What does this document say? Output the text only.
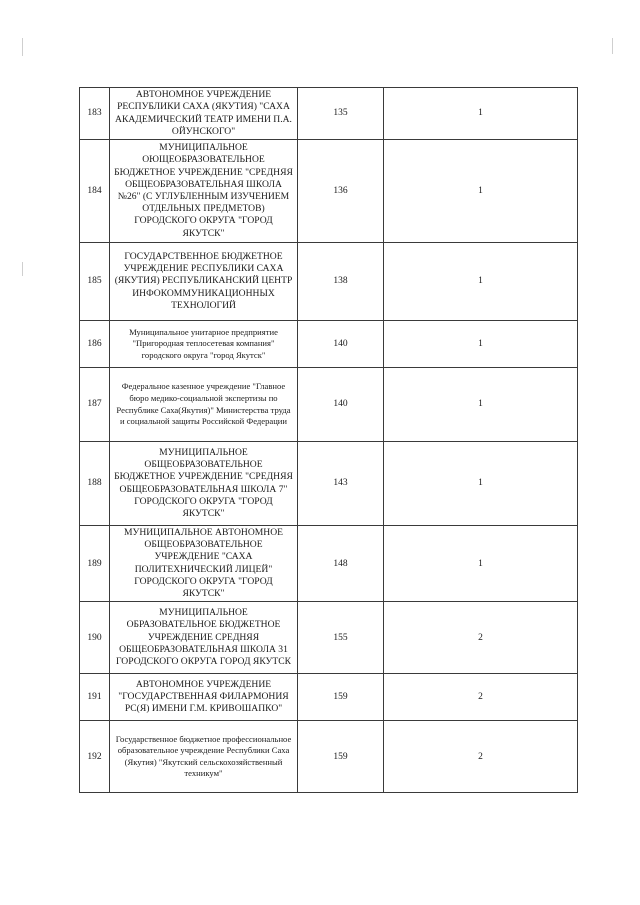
183	АВТОНОМНОЕ УЧРЕЖДЕНИЕ РЕСПУБЛИКИ САХА (ЯКУТИЯ) "САХА АКАДЕМИЧЕСКИЙ ТЕАТР ИМЕНИ П.А. ОЙУНСКОГО"	135	1
184	МУНИЦИПАЛЬНОЕ ОЮЩЕОБРАЗОВАТЕЛЬНОЕ БЮДЖЕТНОЕ УЧРЕЖДЕНИЕ "СРЕДНЯЯ ОБЩЕОБРАЗОВАТЕЛЬНАЯ ШКОЛА №26" (С УГЛУБЛЕННЫМ ИЗУЧЕНИЕМ ОТДЕЛЬНЫХ ПРЕДМЕТОВ) ГОРОДСКОГО ОКРУГА "ГОРОД ЯКУТСК"	136	1
185	ГОСУДАРСТВЕННОЕ БЮДЖЕТНОЕ УЧРЕЖДЕНИЕ РЕСПУБЛИКИ САХА (ЯКУТИЯ) РЕСПУБЛИКАНСКИЙ ЦЕНТР ИНФОКОММУНИКАЦИОННЫХ ТЕХНОЛОГИЙ	138	1
186	Муниципальное унитарное предприятие "Пригородная теплосетевая компания" городского округа "город Якутск"	140	1
187	Федеральное казенное учреждение "Главное бюро медико-социальной экспертизы по Республике Саха(Якутия)" Министерства труда и социальной защиты Российской Федерации	140	1
188	МУНИЦИПАЛЬНОЕ ОБЩЕОБРАЗОВАТЕЛЬНОЕ БЮДЖЕТНОЕ УЧРЕЖДЕНИЕ "СРЕДНЯЯ ОБЩЕОБРАЗОВАТЕЛЬНАЯ ШКОЛА 7" ГОРОДСКОГО ОКРУГА "ГОРОД ЯКУТСК"	143	1
189	МУНИЦИПАЛЬНОЕ АВТОНОМНОЕ ОБЩЕОБРАЗОВАТЕЛЬНОЕ УЧРЕЖДЕНИЕ "САХА ПОЛИТЕХНИЧЕСКИЙ ЛИЦЕЙ" ГОРОДСКОГО ОКРУГА "ГОРОД ЯКУТСК"	148	1
190	МУНИЦИПАЛЬНОЕ ОБРАЗОВАТЕЛЬНОЕ БЮДЖЕТНОЕ УЧРЕЖДЕНИЕ СРЕДНЯЯ ОБЩЕОБРАЗОВАТЕЛЬНАЯ ШКОЛА 31 ГОРОДСКОГО ОКРУГА ГОРОД ЯКУТСК	155	2
191	АВТОНОМНОЕ УЧРЕЖДЕНИЕ "ГОСУДАРСТВЕННАЯ ФИЛАРМОНИЯ РС(Я) ИМЕНИ Г.М. КРИВОШАПКО"	159	2
192	Государственное бюджетное профессиональное образовательное учреждение Республики Саха (Якутия) "Якутский сельскохозяйственный техникум"	159	2
